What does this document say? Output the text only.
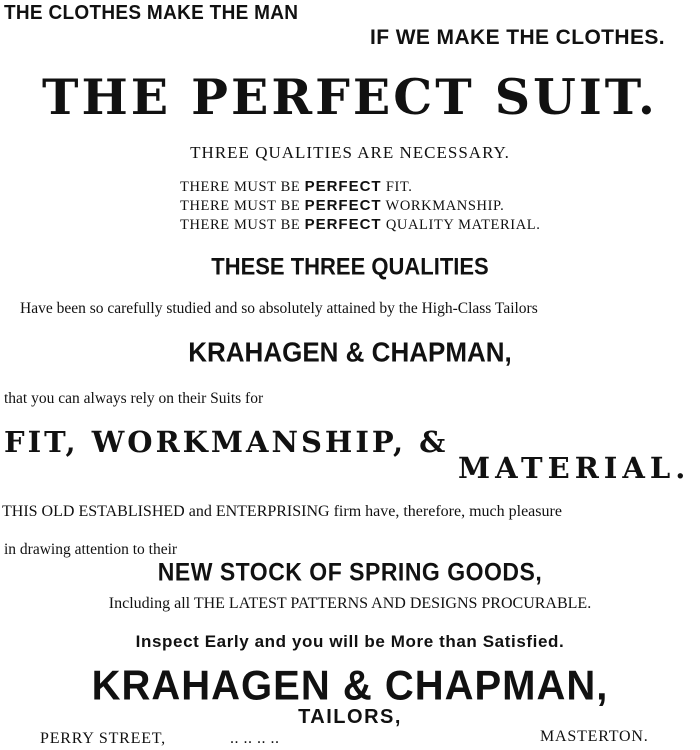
THE CLOTHES MAKE THE MAN
IF WE MAKE THE CLOTHES.
THE PERFECT SUIT.
THREE QUALITIES ARE NECESSARY.
THERE MUST BE PERFECT FIT.
THERE MUST BE PERFECT WORKMANSHIP.
THERE MUST BE PERFECT QUALITY MATERIAL.
THESE THREE QUALITIES
Have been so carefully studied and so absolutely attained by the High-Class Tailors
KRAHAGEN & CHAPMAN,
that you can always rely on their Suits for
FIT, WORKMANSHIP, &
MATERIAL.
THIS OLD ESTABLISHED and ENTERPRISING firm have, therefore, much pleasure
in drawing attention to their
NEW STOCK OF SPRING GOODS,
Including all THE LATEST PATTERNS AND DESIGNS PROCURABLE.
Inspect Early and you will be More than Satisfied.
KRAHAGEN & CHAPMAN,
TAILORS,
PERRY STREET,	.. .. .. ..	MASTERTON.
